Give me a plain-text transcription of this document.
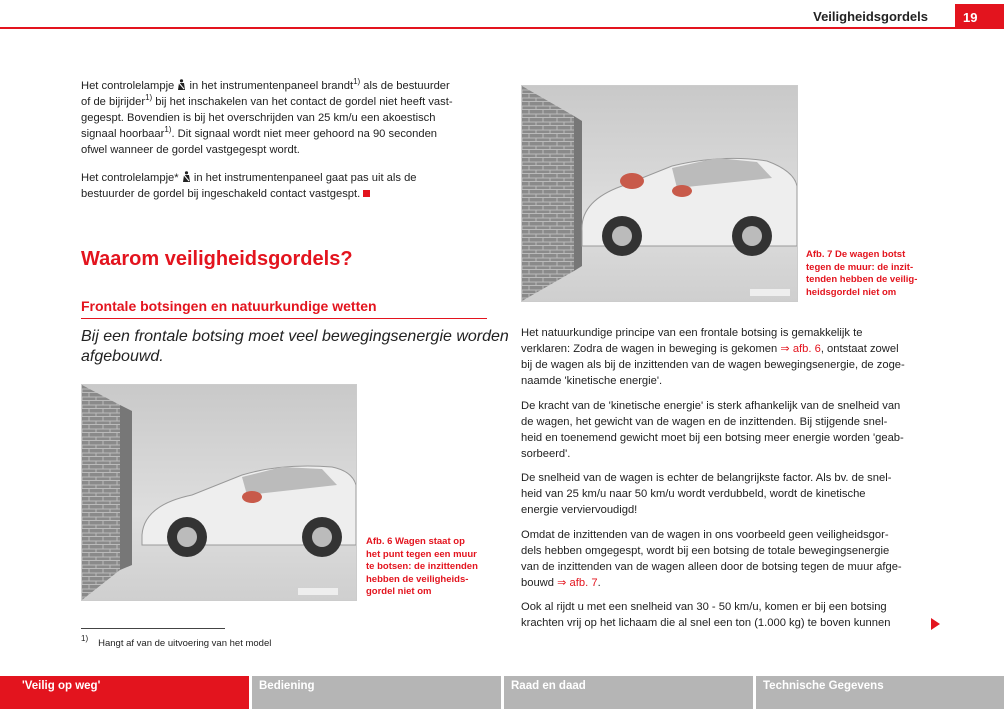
Veiligheidsgordels	19
Het controlelampje  in het instrumentenpaneel brandt$^{1)}$ als de bestuurder
of de bijrijder$^{1)}$ bij het inschakelen van het contact de gordel niet heeft vast-
gegespt. Bovendien is bij het overschrijden van 25 km/u een akoestisch
signaal hoorbaar$^{1)}$. Dit signaal wordt niet meer gehoord na 90 seconden
ofwel wanneer de gordel vastgegespt wordt.
Het controlelampje*  in het instrumentenpaneel gaat pas uit als de
bestuurder de gordel bij ingeschakeld contact vastgespt.
Waarom veiligheidsgordels?
Frontale botsingen en natuurkundige wetten
Bij een frontale botsing moet veel bewegingsenergie worden
afgebouwd.
Afb. 6 Wagen staat op
het punt tegen een muur
te botsen: de inzittenden
hebben de veiligheids-
gordel niet om
Afb. 7 De wagen botst
tegen de muur: de inzit-
tenden hebben de veilig-
heidsgordel niet om
Het natuurkundige principe van een frontale botsing is gemakkelijk te
verklaren: Zodra de wagen in beweging is gekomen ⇒ afb. 6, ontstaat zowel
bij de wagen als bij de inzittenden van de wagen bewegingsenergie, de zoge-
naamde 'kinetische energie'.
De kracht van de 'kinetische energie' is sterk afhankelijk van de snelheid van
de wagen, het gewicht van de wagen en de inzittenden. Bij stijgende snel-
heid en toenemend gewicht moet bij een botsing meer energie worden 'geab-
sorbeerd'.
De snelheid van de wagen is echter de belangrijkste factor. Als bv. de snel-
heid van 25 km/u naar 50 km/u wordt verdubbeld, wordt de kinetische
energie verviervoudigd!
Omdat de inzittenden van de wagen in ons voorbeeld geen veiligheidsgor-
dels hebben omgegespt, wordt bij een botsing de totale bewegingsenergie
van de inzittenden van de wagen alleen door de botsing tegen de muur afge-
bouwd ⇒ afb. 7.
Ook al rijdt u met een snelheid van 30 - 50 km/u, komen er bij een botsing
krachten vrij op het lichaam die al snel een ton (1.000 kg) te boven kunnen
$^{1)}$ Hangt af van de uitvoering van het model
'Veilig op weg'	Bediening	Raad en daad	Technische Gegevens
